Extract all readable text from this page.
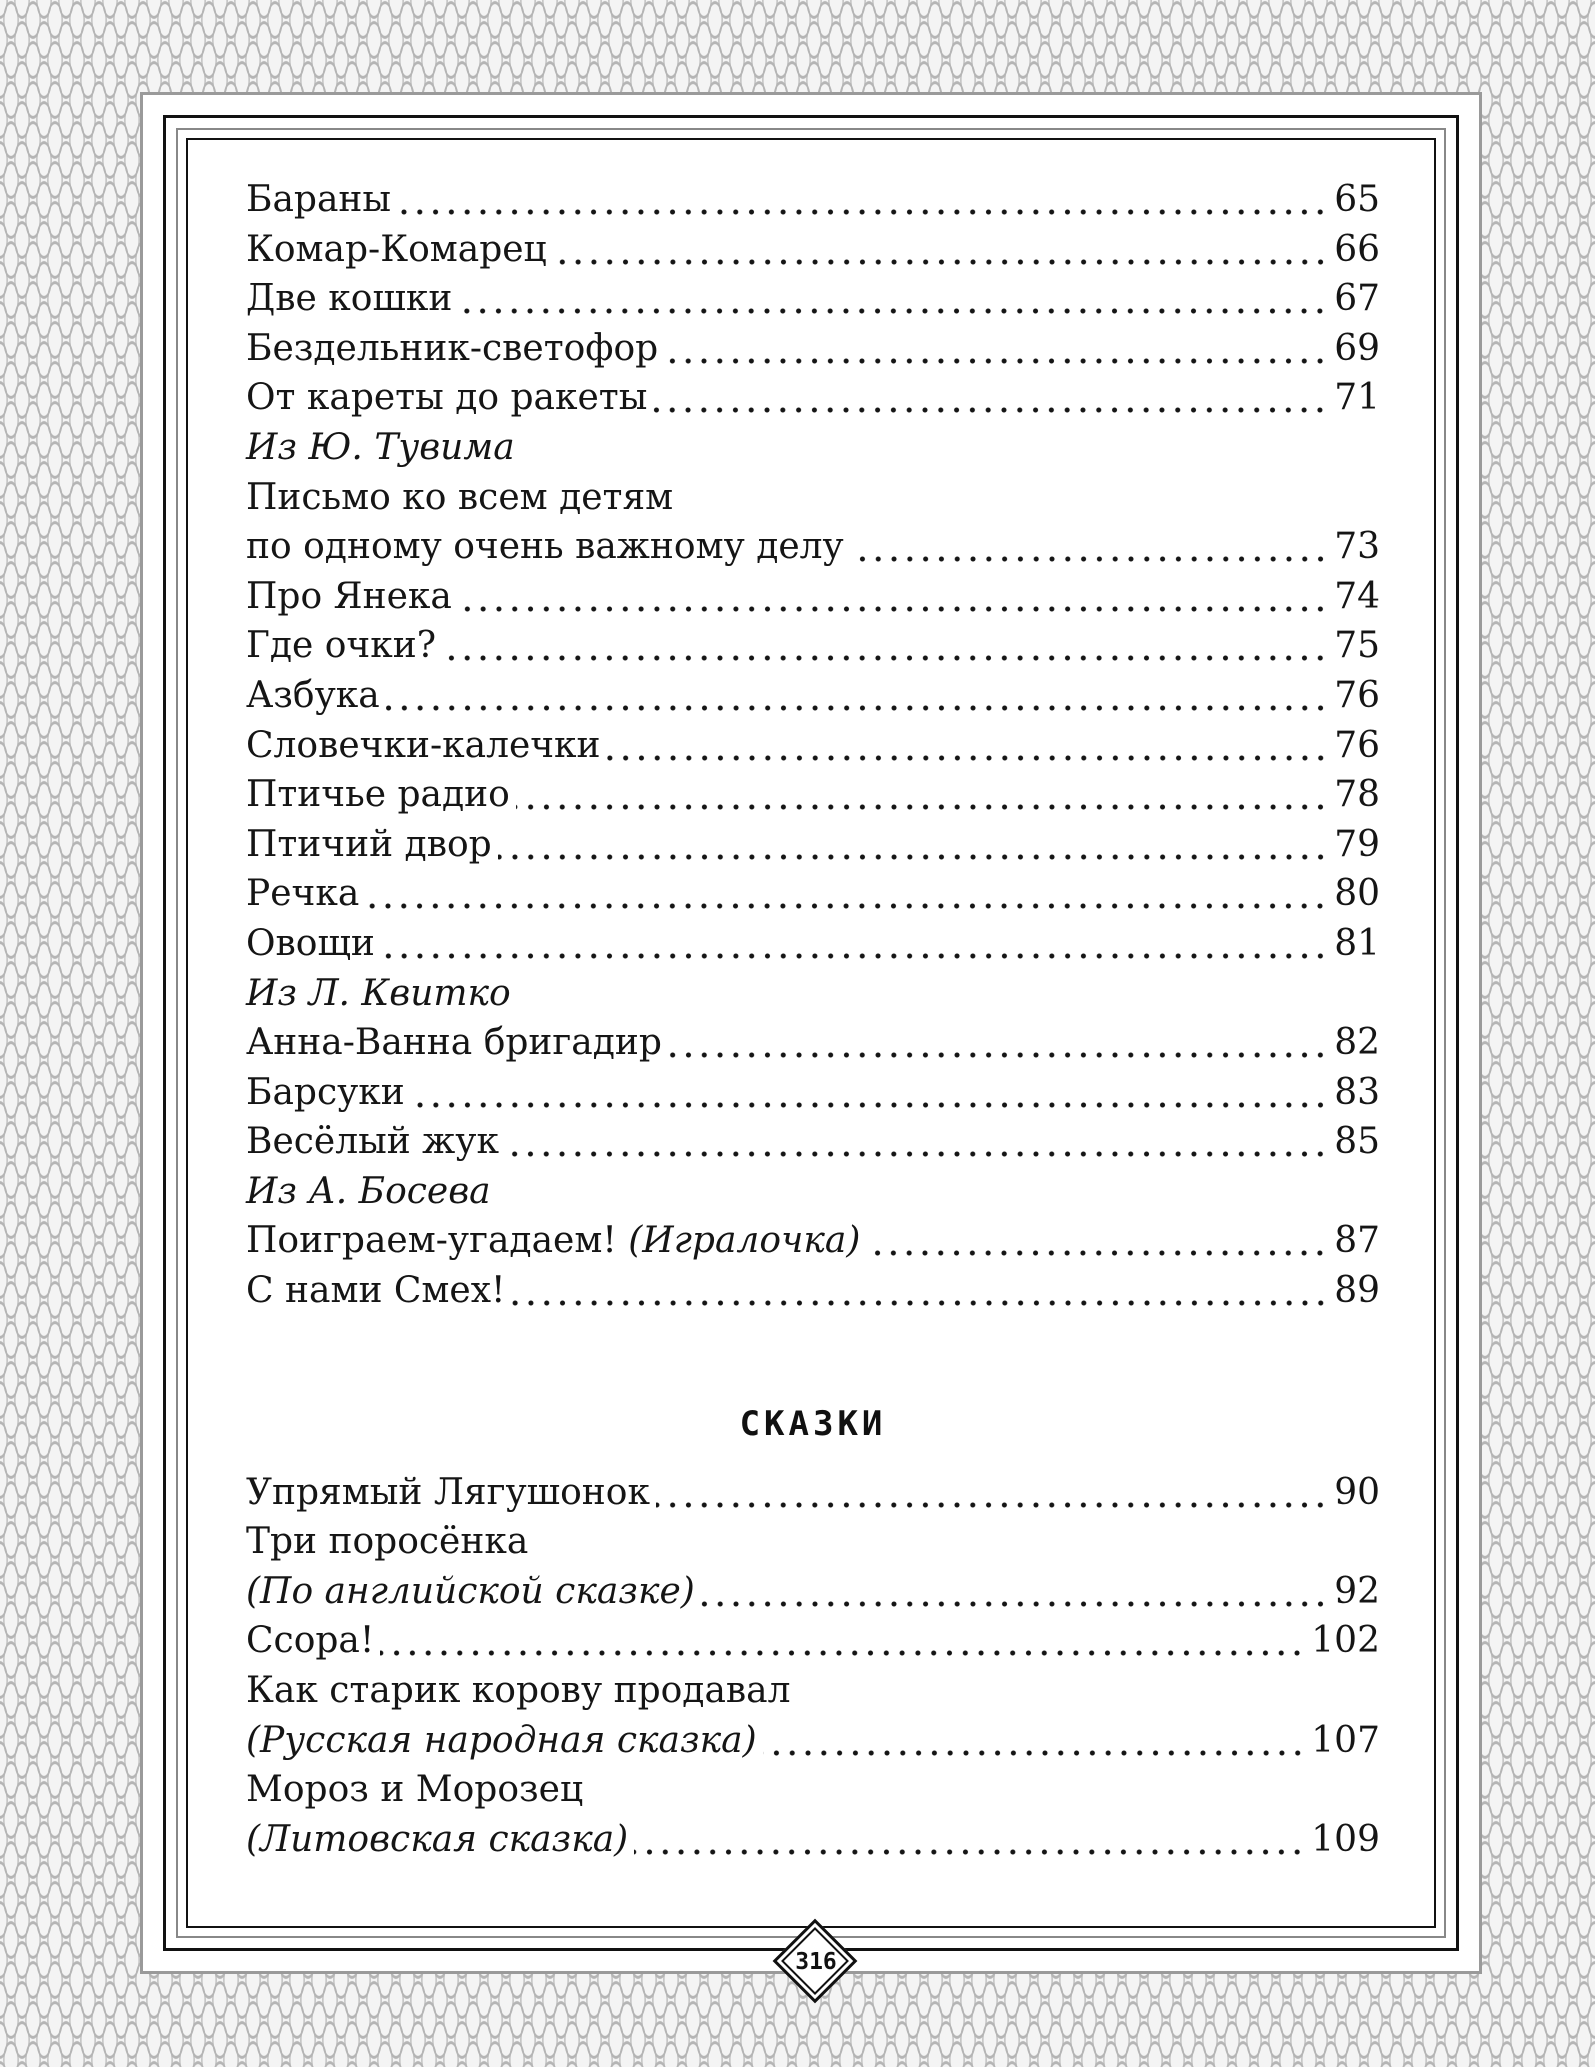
Бараны	65
Комар-Комарец	66
Две кошки	67
Бездельник-светофор	69
От кареты до ракеты	71
Из Ю. Тувима
Письмо ко всем детям
по одному очень важному делу	73
Про Янека	74
Где очки?	75
Азбука	76
Словечки-калечки	76
Птичье радио	78
Птичий двор	79
Речка	80
Овощи	81
Из Л. Квитко
Анна-Ванна бригадир	82
Барсуки	83
Весёлый жук	85
Из А. Босева
Поиграем-угадаем! (Игралочка)	87
С нами Смех!	89
СКАЗКИ
Упрямый Лягушонок	90
Три поросёнка
(По английской сказке)	92
Ссора!	102
Как старик корову продавал
(Русская народная сказка)	107
Мороз и Морозец
(Литовская сказка)	109
316
